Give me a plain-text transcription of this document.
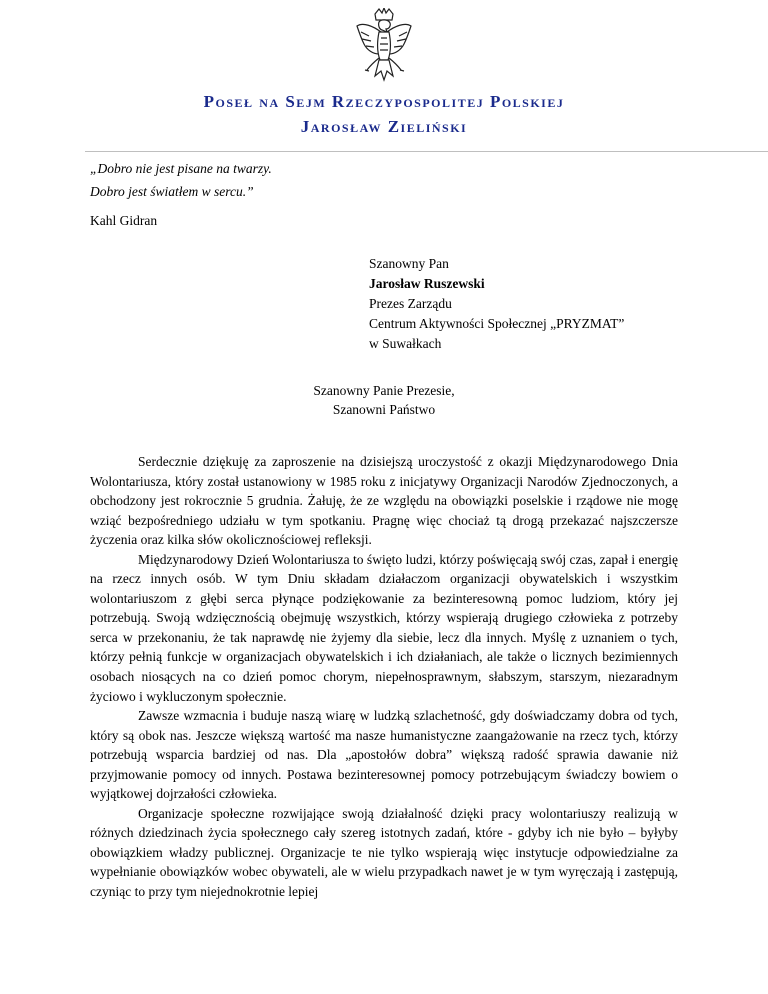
Poseł na Sejm Rzeczypospolitej Polskiej
Jarosław Zieliński
„Dobro nie jest pisane na twarzy.
Dobro jest światłem w sercu.”
Kahl Gidran
Szanowny Pan
Jarosław Ruszewski
Prezes Zarządu
Centrum Aktywności Społecznej „PRYZMAT”
w Suwałkach
Szanowny Panie Prezesie,
Szanowni Państwo

Serdecznie dziękuję za zaproszenie na dzisiejszą uroczystość z okazji Międzynarodowego Dnia Wolontariusza, który został ustanowiony w 1985 roku z inicjatywy Organizacji Narodów Zjednoczonych, a obchodzony jest rokrocznie 5 grudnia. Żałuję, że ze względu na obowiązki poselskie i rządowe nie mogę wziąć bezpośredniego udziału w tym spotkaniu. Pragnę więc chociaż tą drogą przekazać najszczersze życzenia oraz kilka słów okolicznościowej refleksji.

Międzynarodowy Dzień Wolontariusza to święto ludzi, którzy poświęcają swój czas, zapał i energię na rzecz innych osób. W tym Dniu składam działaczom organizacji obywatelskich i wszystkim wolontariuszom z głębi serca płynące podziękowanie za bezinteresowną pomoc ludziom, który jej potrzebują. Swoją wdzięcznością obejmuję wszystkich, którzy wspierają drugiego człowieka z potrzeby serca w przekonaniu, że tak naprawdę nie żyjemy dla siebie, lecz dla innych. Myślę z uznaniem o tych, którzy pełnią funkcje w organizacjach obywatelskich i ich działaniach, ale także o licznych bezimiennych osobach niosących na co dzień pomoc chorym, niepełnosprawnym, słabszym, starszym, niezaradnym życiowo i wykluczonym społecznie.

Zawsze wzmacnia i buduje naszą wiarę w ludzką szlachetność, gdy doświadczamy dobra od tych, który są obok nas. Jeszcze większą wartość ma nasze humanistyczne zaangażowanie na rzecz tych, którzy potrzebują wsparcia bardziej od nas. Dla „apostołów dobra” większą radość sprawia dawanie niż przyjmowanie pomocy od innych. Postawa bezinteresownej pomocy potrzebującym świadczy bowiem o wyjątkowej dojrzałości człowieka.

Organizacje społeczne rozwijające swoją działalność dzięki pracy wolontariuszy realizują w różnych dziedzinach życia społecznego cały szereg istotnych zadań, które - gdyby ich nie było – byłyby obowiązkiem władzy publicznej. Organizacje te nie tylko wspierają więc instytucje odpowiedzialne za wypełnianie obowiązków wobec obywateli, ale w wielu przypadkach nawet je w tym wyręczają i zastępują, czyniąc to przy tym niejednokrotnie lepiej
